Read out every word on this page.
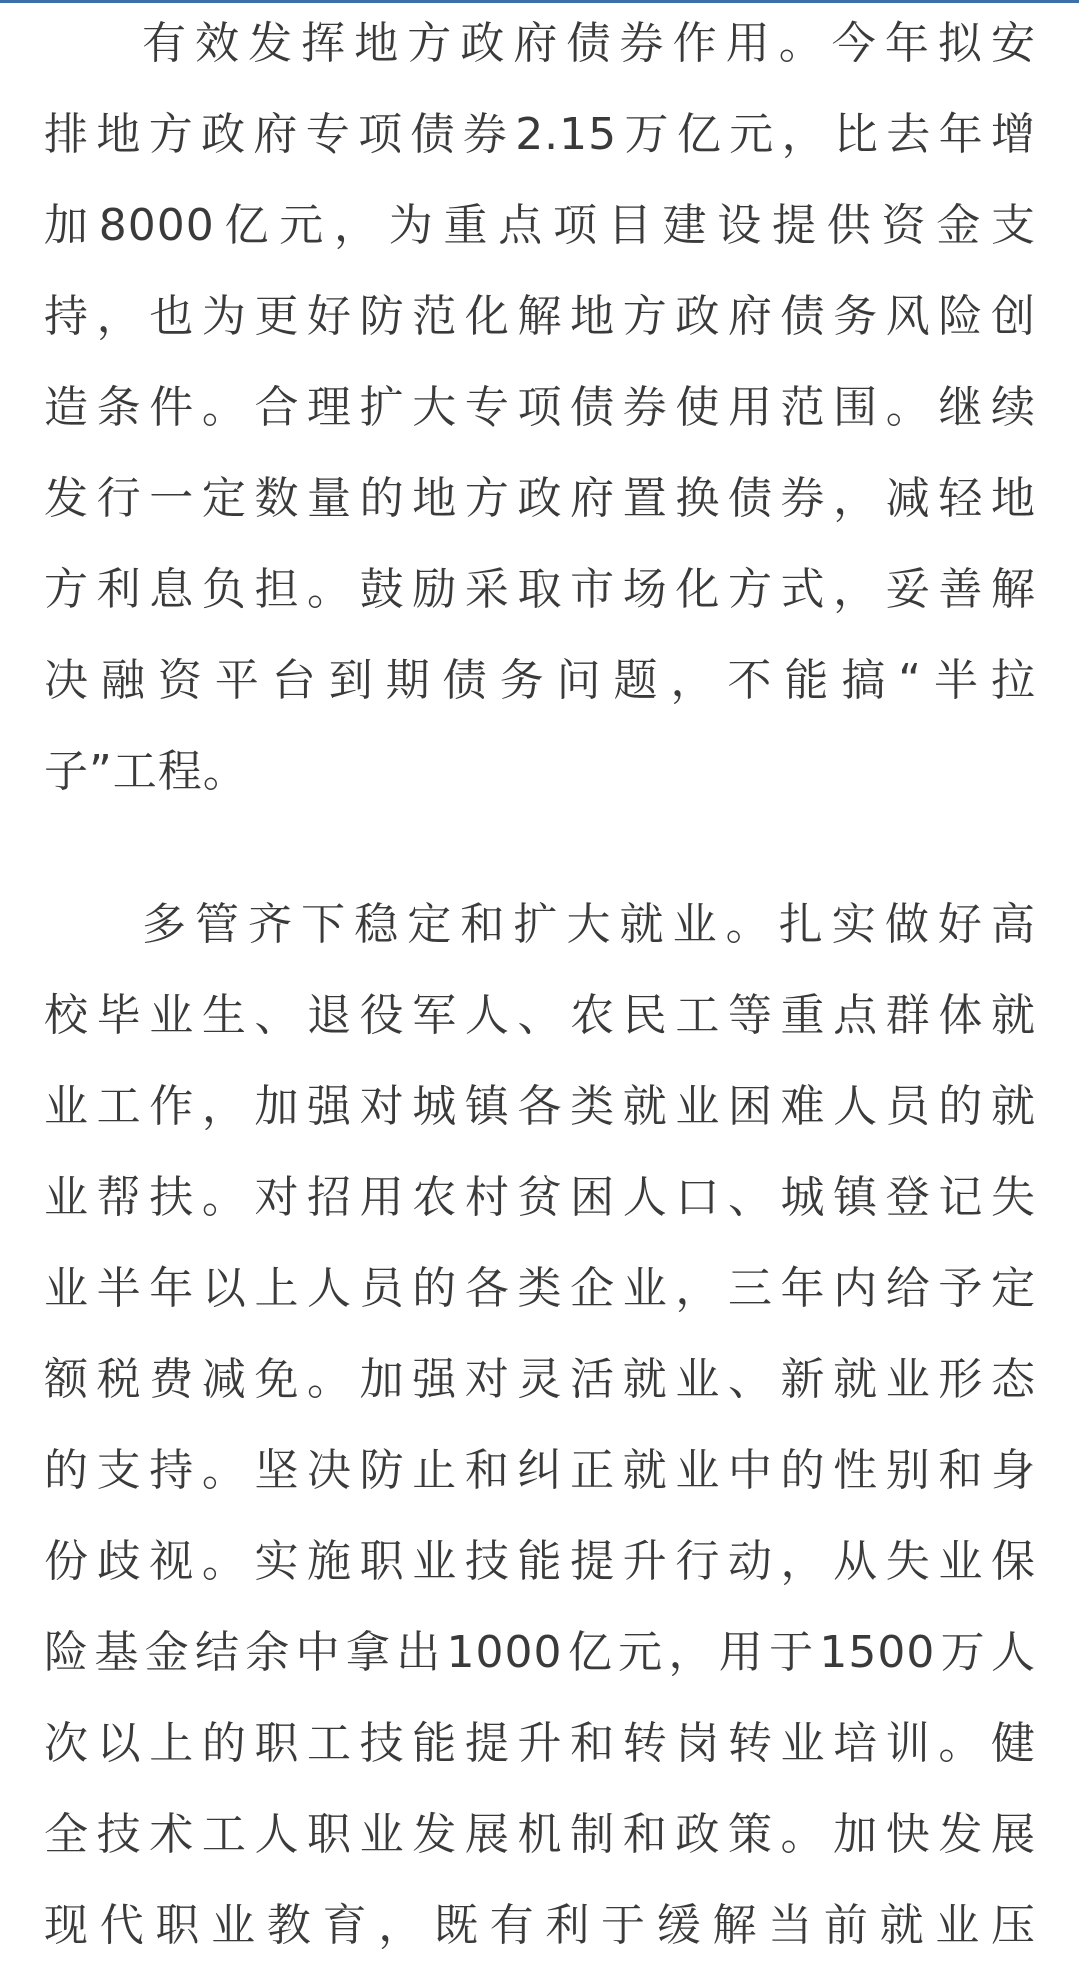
有效发挥地方政府债券作用。今年拟安
排地方政府专项债券2.15万亿元，比去年增
加8000亿元，为重点项目建设提供资金支
持，也为更好防范化解地方政府债务风险创
造条件。合理扩大专项债券使用范围。继续
发行一定数量的地方政府置换债券，减轻地
方利息负担。鼓励采取市场化方式，妥善解
决融资平台到期债务问题，不能搞“半拉
子”工程。
多管齐下稳定和扩大就业。扎实做好高
校毕业生、退役军人、农民工等重点群体就
业工作，加强对城镇各类就业困难人员的就
业帮扶。对招用农村贫困人口、城镇登记失
业半年以上人员的各类企业，三年内给予定
额税费减免。加强对灵活就业、新就业形态
的支持。坚决防止和纠正就业中的性别和身
份歧视。实施职业技能提升行动，从失业保
险基金结余中拿出1000亿元，用于1500万人
次以上的职工技能提升和转岗转业培训。健
全技术工人职业发展机制和政策。加快发展
现代职业教育，既有利于缓解当前就业压
